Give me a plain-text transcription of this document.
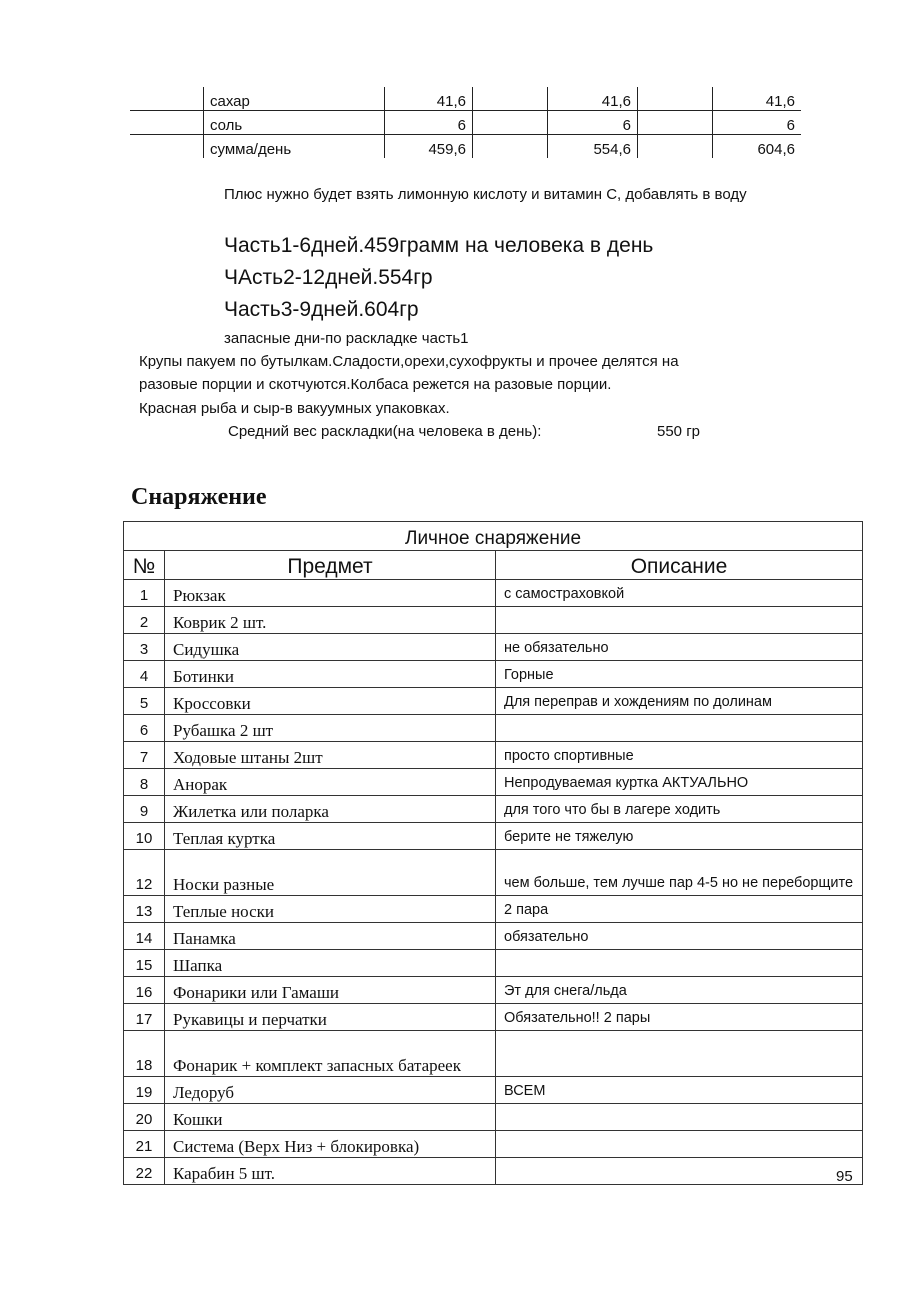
	сахар	41,6		41,6		41,6
	соль	6		6		6
	сумма/день	459,6		554,6		604,6
Плюс нужно будет взять лимонную кислоту и витамин С, добавлять в воду
Часть1-6дней.459грамм на человека в день
ЧАсть2-12дней.554гр
Часть3-9дней.604гр
запасные дни-по раскладке часть1
Крупы пакуем по бутылкам.Сладости,орехи,сухофрукты и прочее делятся на
разовые порции и скотчуются.Колбаса режется на разовые порции.
Красная рыба и сыр-в вакуумных упаковках.
Средний вес раскладки(на человека в день):	550 гр
Снаряжение
Личное снаряжение		
№	Предмет	Описание
1	Рюкзак	с самостраховкой
2	Коврик 2 шт.	
3	Сидушка	не обязательно
4	Ботинки	Горные
5	Кроссовки	Для переправ и хождениям по долинам
6	Рубашка 2 шт	
7	Ходовые штаны 2шт	просто спортивные
8	Анорак	Непродуваемая куртка АКТУАЛЬНО
9	Жилетка или поларка	для того что бы в лагере ходить
10	Теплая куртка	берите не тяжелую
12	Носки разные	чем больше, тем лучше пар 4-5 но не переборщите
13	Теплые носки	2 пара
14	Панамка	обязательно
15	Шапка	
16	Фонарики или Гамаши	Эт для снега/льда
17	Рукавицы и перчатки	Обязательно!! 2 пары
18	Фонарик + комплект запасных батареек	
19	Ледоруб	ВСЕМ
20	Кошки	
21	Система (Верх Низ + блокировка)	
22	Карабин 5 шт.		95
